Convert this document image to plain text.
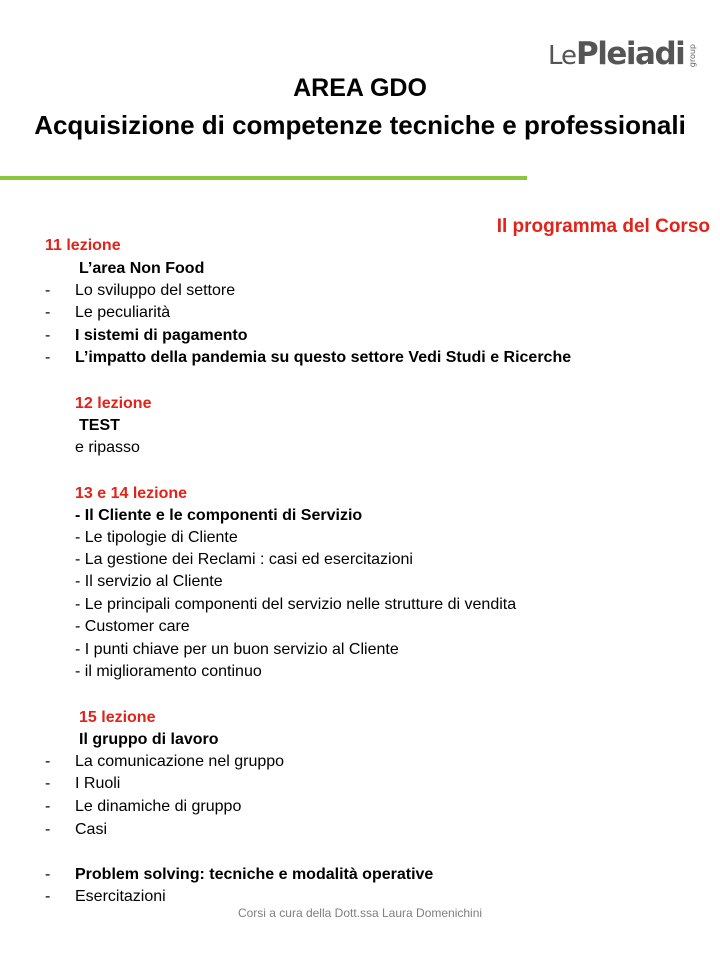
LePleiadi group
AREA GDO
Acquisizione di competenze tecniche e professionali
Il programma del Corso
11 lezione
L’area Non Food
- Lo sviluppo del settore
- Le peculiarità
- I sistemi di pagamento
- L’impatto della pandemia su questo settore Vedi Studi e Ricerche
12 lezione
TEST
e ripasso
13 e 14 lezione
- Il Cliente e le componenti di Servizio
- Le tipologie di Cliente
- La gestione dei Reclami : casi ed esercitazioni
- Il servizio al Cliente
- Le principali componenti del servizio nelle strutture di vendita
- Customer care
- I punti chiave per un buon servizio al Cliente
- il miglioramento continuo
15 lezione
Il gruppo di lavoro
- La comunicazione nel gruppo
- I Ruoli
- Le dinamiche di gruppo
- Casi
- Problem solving: tecniche e modalità operative
- Esercitazioni
Corsi a cura della Dott.ssa Laura Domenichini
